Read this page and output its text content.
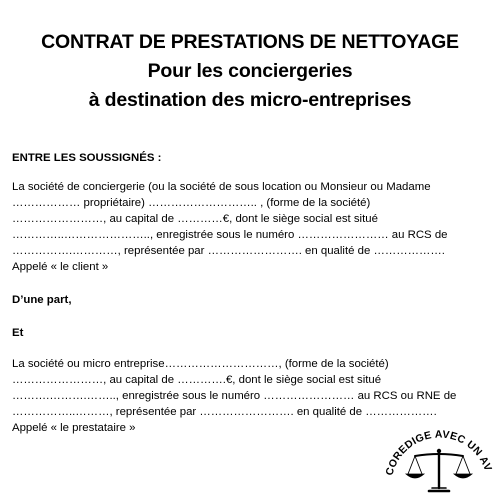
CONTRAT DE PRESTATIONS DE NETTOYAGE
Pour les conciergeries
à destination des micro-entreprises
ENTRE LES SOUSSIGNÉS :
La société de conciergerie (ou la société de sous location ou Monsieur ou Madame
……………… propriétaire) ……………………….. , (forme de la société)
……………………, au capital de …………€, dont le siège social est situé
…………..………………….., enregistrée sous le numéro …………………… au RCS de
…………….…………, représentée par ……………………. en qualité de ……………….
Appelé « le client »
D’une part,
Et
La société ou micro entreprise…………………………, (forme de la société)
……………………, au capital de ………….€, dont le siège social est situé
……….……….…….., enregistrée sous le numéro …………………… au RCS ou RNE de
……………..………, représentée par ……………………. en qualité de ……………….
Appelé « le prestataire »
COREDIGE AVEC UN AV
